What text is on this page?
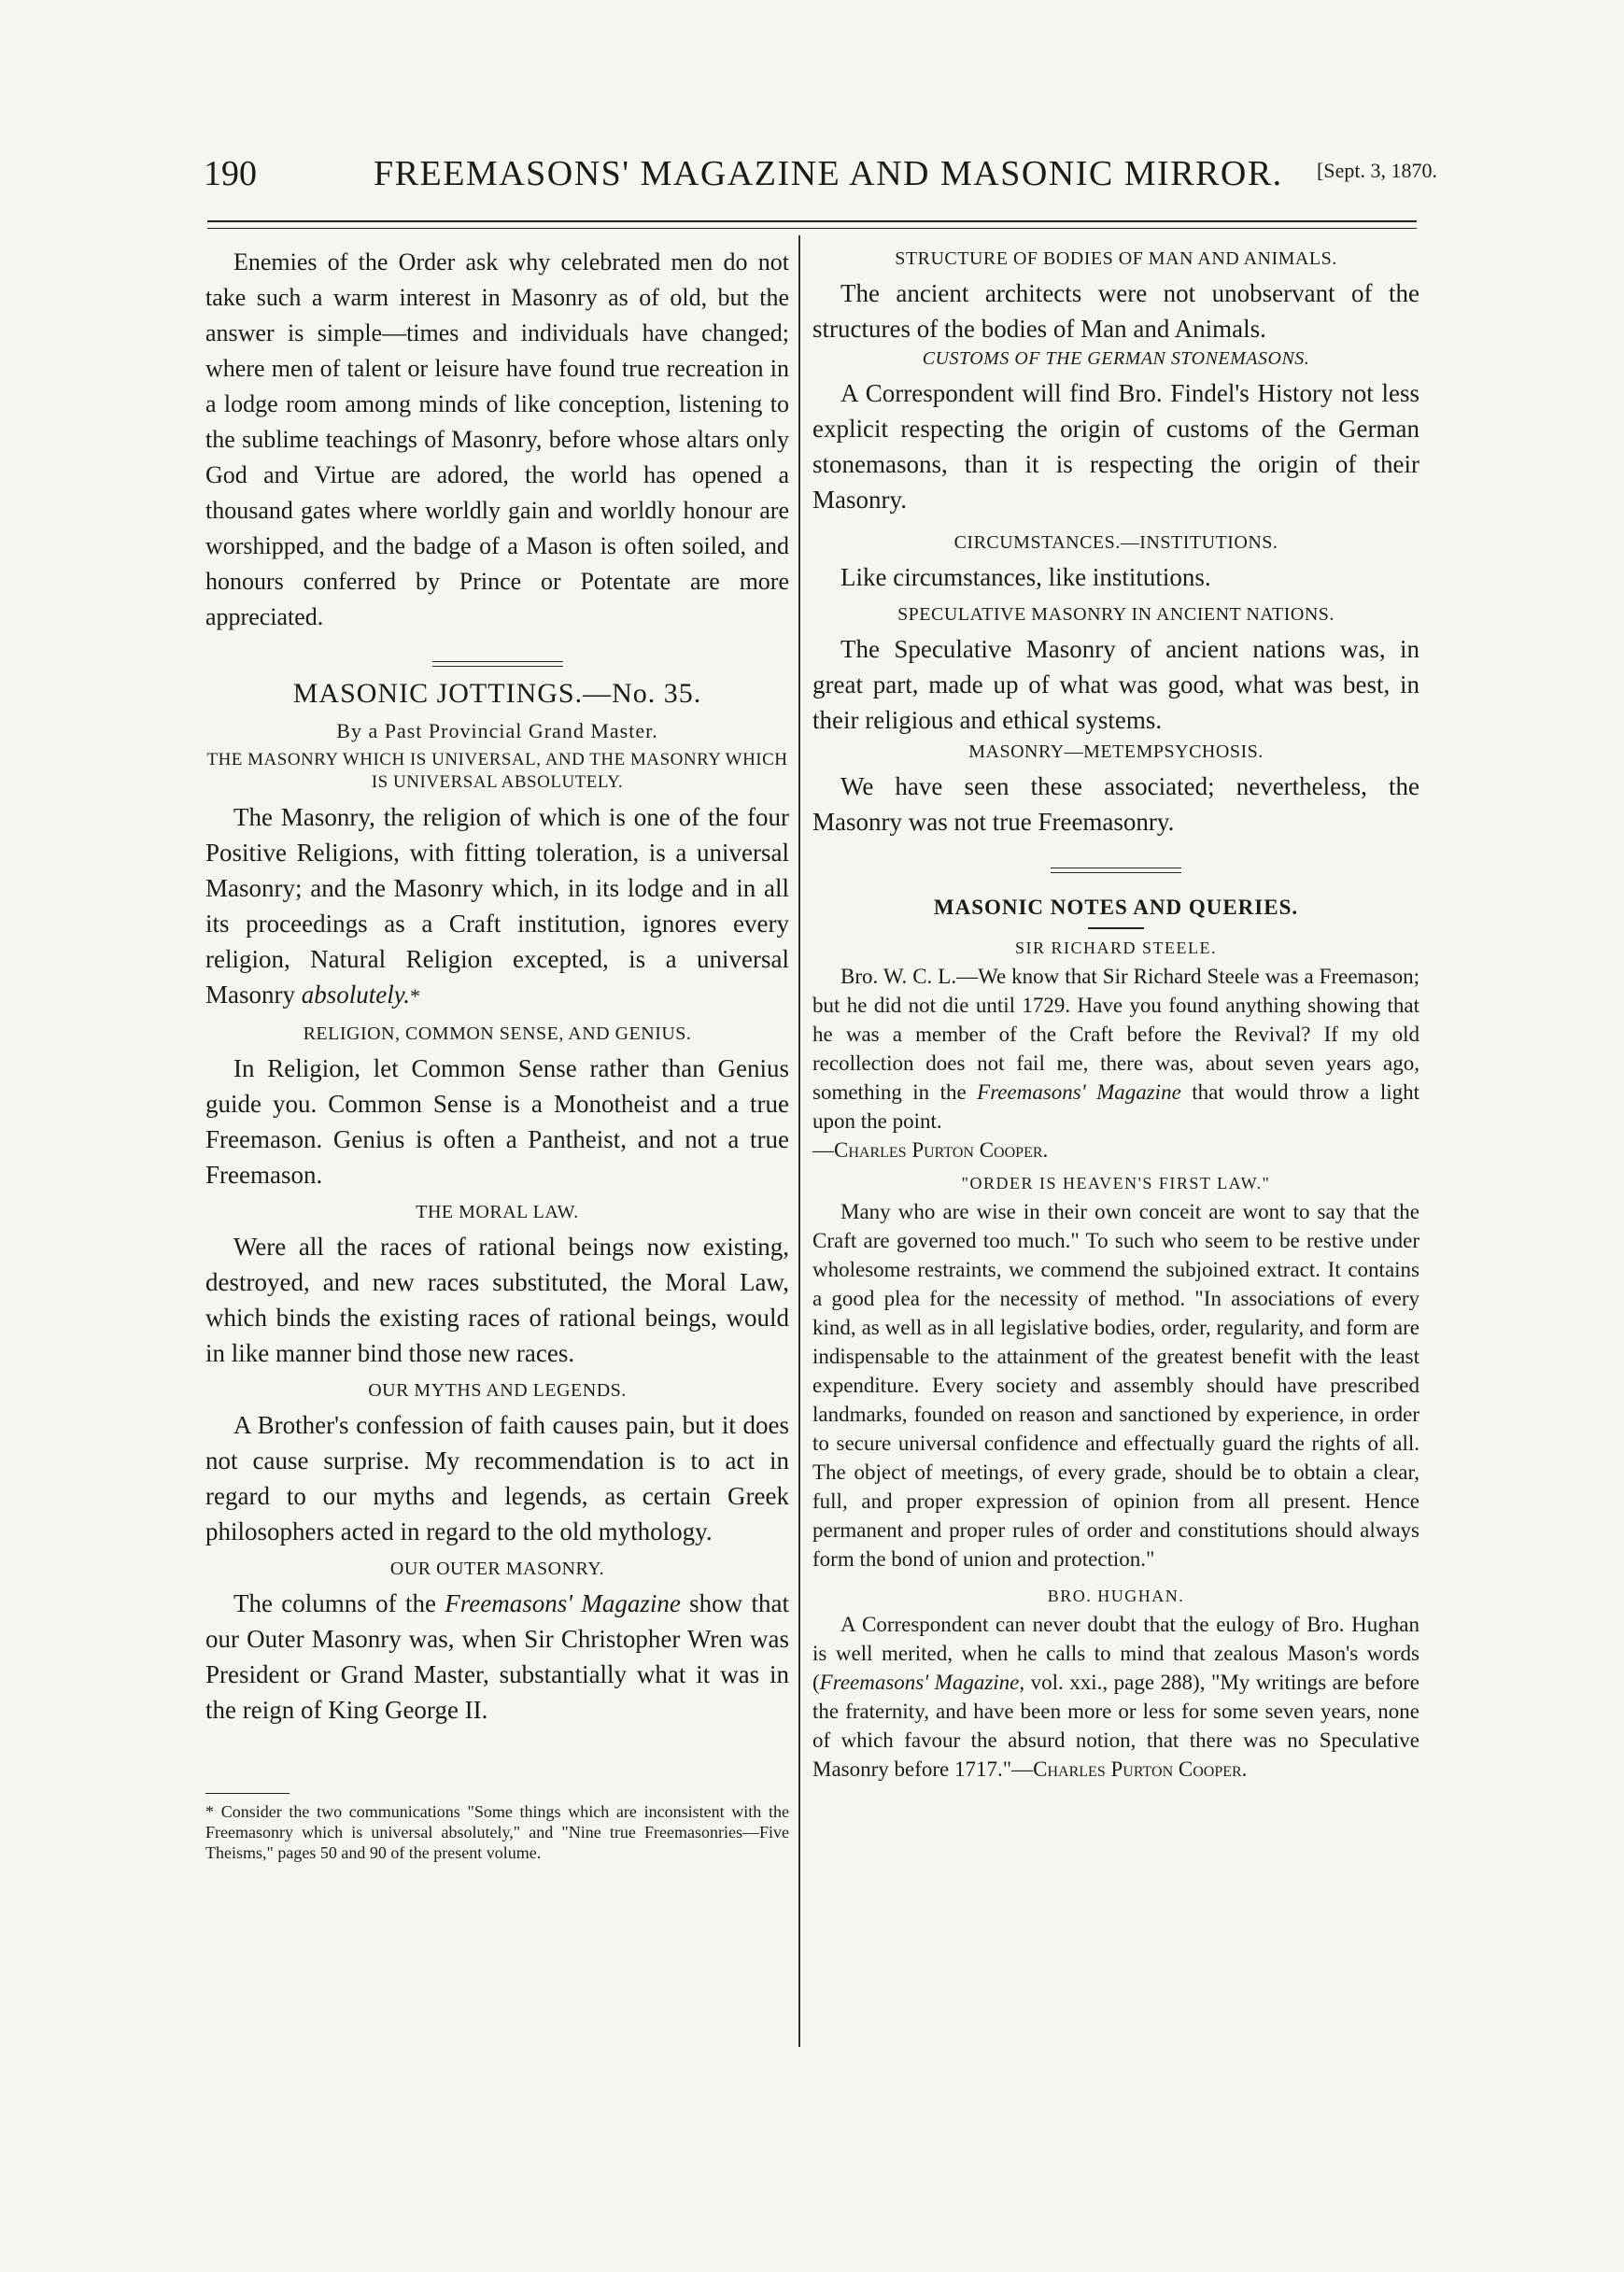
190	FREEMASONS' MAGAZINE AND MASONIC MIRROR. [Sept. 3, 1870.

Enemies of the Order ask why celebrated men do not take such a warm interest in Masonry as of old, but the answer is simple—times and individuals have changed; where men of talent or leisure have found true recreation in a lodge room among minds of like conception, listening to the sublime teachings of Masonry, before whose altars only God and Virtue are adored, the world has opened a thousand gates where worldly gain and worldly honour are worshipped, and the badge of a Mason is often soiled, and honours conferred by Prince or Potentate are more appreciated.

MASONIC JOTTINGS.—No. 35.
By a Past Provincial Grand Master.
THE MASONRY WHICH IS UNIVERSAL, AND THE MASONRY WHICH IS UNIVERSAL ABSOLUTELY.

The Masonry, the religion of which is one of the four Positive Religions, with fitting toleration, is a universal Masonry; and the Masonry which, in its lodge and in all its proceedings as a Craft institution, ignores every religion, Natural Religion excepted, is a universal Masonry absolutely.*

RELIGION, COMMON SENSE, AND GENIUS.

In Religion, let Common Sense rather than Genius guide you. Common Sense is a Monotheist and a true Freemason. Genius is often a Pantheist, and not a true Freemason.

THE MORAL LAW.

Were all the races of rational beings now existing, destroyed, and new races substituted, the Moral Law, which binds the existing races of rational beings, would in like manner bind those new races.

OUR MYTHS AND LEGENDS.

A Brother's confession of faith causes pain, but it does not cause surprise. My recommendation is to act in regard to our myths and legends, as certain Greek philosophers acted in regard to the old mythology.

OUR OUTER MASONRY.

The columns of the Freemasons' Magazine show that our Outer Masonry was, when Sir Christopher Wren was President or Grand Master, substantially what it was in the reign of King George II.

* Consider the two communications "Some things which are inconsistent with the Freemasonry which is universal absolutely," and "Nine true Freemasonries—Five Theisms," pages 50 and 90 of the present volume.

STRUCTURE OF BODIES OF MAN AND ANIMALS.

The ancient architects were not unobservant of the structures of the bodies of Man and Animals.

CUSTOMS OF THE GERMAN STONEMASONS.

A Correspondent will find Bro. Findel's History not less explicit respecting the origin of customs of the German stonemasons, than it is respecting the origin of their Masonry.

CIRCUMSTANCES.—INSTITUTIONS.

Like circumstances, like institutions.

SPECULATIVE MASONRY IN ANCIENT NATIONS.

The Speculative Masonry of ancient nations was, in great part, made up of what was good, what was best, in their religious and ethical systems.

MASONRY—METEMPSYCHOSIS.

We have seen these associated; nevertheless, the Masonry was not true Freemasonry.

MASONIC NOTES AND QUERIES.
SIR RICHARD STEELE.

Bro. W. C. L.—We know that Sir Richard Steele was a Freemason; but he did not die until 1729. Have you found anything showing that he was a member of the Craft before the Revival? If my old recollection does not fail me, there was, about seven years ago, something in the Freemasons' Magazine that would throw a light upon the point.
—Charles Purton Cooper.

"ORDER IS HEAVEN'S FIRST LAW."

Many who are wise in their own conceit are wont to say that the Craft are governed too much." To such who seem to be restive under wholesome restraints, we commend the subjoined extract. It contains a good plea for the necessity of method. "In associations of every kind, as well as in all legislative bodies, order, regularity, and form are indispensable to the attainment of the greatest benefit with the least expenditure. Every society and assembly should have prescribed landmarks, founded on reason and sanctioned by experience, in order to secure universal confidence and effectually guard the rights of all. The object of meetings, of every grade, should be to obtain a clear, full, and proper expression of opinion from all present. Hence permanent and proper rules of order and constitutions should always form the bond of union and protection."

BRO. HUGHAN.

A Correspondent can never doubt that the eulogy of Bro. Hughan is well merited, when he calls to mind that zealous Mason's words (Freemasons' Magazine, vol. xxi., page 288), "My writings are before the fraternity, and have been more or less for some seven years, none of which favour the absurd notion, that there was no Speculative Masonry before 1717."—Charles Purton Cooper.
